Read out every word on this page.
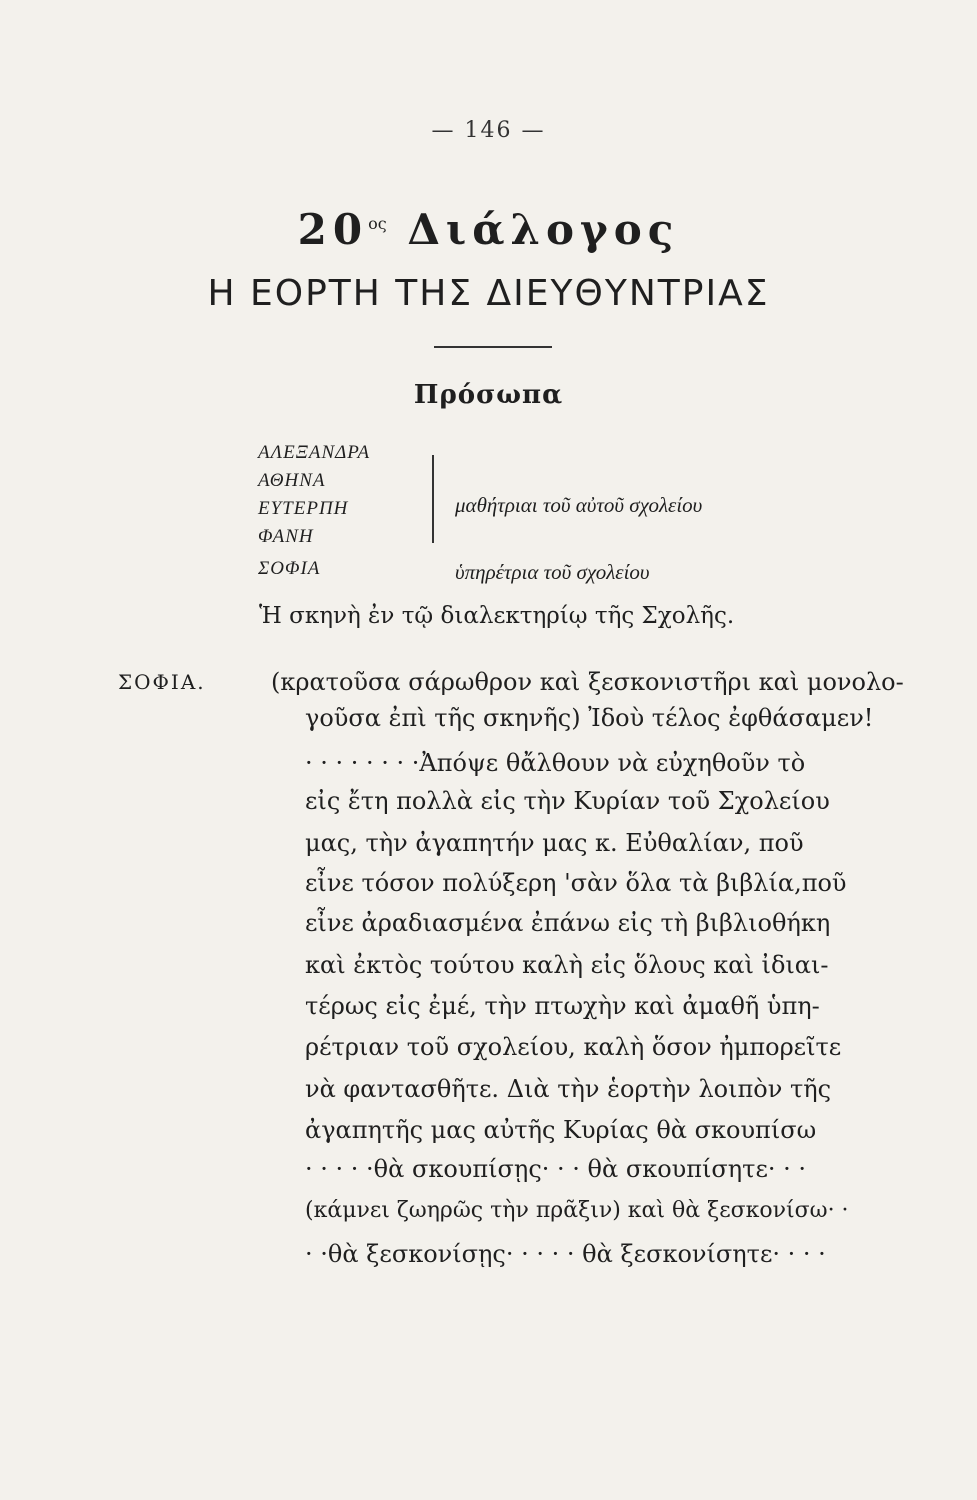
— 146 —
$20^{o\varsigma}$ Διάλογος
Η ΕΟΡΤΗ ΤΗΣ ΔΙΕΥΘΥΝΤΡΙΑΣ
Πρόσωπα
ΑΛΕΞΑΝΔΡΑ
ΑΘΗΝΑ
ΕΥΤΕΡΠΗ
ΦΑΝΗ
ΣΟΦΙΑ
μαθήτριαι τοῦ αὐτοῦ σχολείου
ὑπηρέτρια τοῦ σχολείου
Ἡ σκηνὴ ἐν τῷ διαλεκτηρίῳ τῆς Σχολῆς.
ΣΟΦΙΑ.	(κρατοῦσα σάρωθρον καὶ ξεσκονιστῆρι καὶ μονολο-
γοῦσα ἐπὶ τῆς σκηνῆς) Ἰδοὺ τέλος ἐφθάσαμεν!
· · · · · · · ·Ἀπόψε θἄλθουν νὰ εὐχηθοῦν τὸ
εἰς ἔτη πολλὰ εἰς τὴν Κυρίαν τοῦ Σχολείου
μας, τὴν ἀγαπητήν μας κ. Εὐθαλίαν, ποῦ
εἶνε τόσον πολύξερη 'σὰν ὅλα τὰ βιβλία,ποῦ
εἶνε ἀραδιασμένα ἐπάνω εἰς τὴ βιβλιοθήκη
καὶ ἐκτὸς τούτου καλὴ εἰς ὅλους καὶ ἰδιαι-
τέρως εἰς ἐμέ, τὴν πτωχὴν καὶ ἀμαθῆ ὑπη-
ρέτριαν τοῦ σχολείου, καλὴ ὅσον ἠμπορεῖτε
νὰ φαντασθῆτε. Διὰ τὴν ἑορτὴν λοιπὸν τῆς
ἀγαπητῆς μας αὐτῆς Κυρίας θὰ σκουπίσω
· · · · ·θὰ σκουπίσῃς· · · θὰ σκουπίσητε· · ·
(κάμνει ζωηρῶς τὴν πρᾶξιν) καὶ θὰ ξεσκονίσω· ·
· ·θὰ ξεσκονίσῃς· · · · · θὰ ξεσκονίσητε· · · ·
